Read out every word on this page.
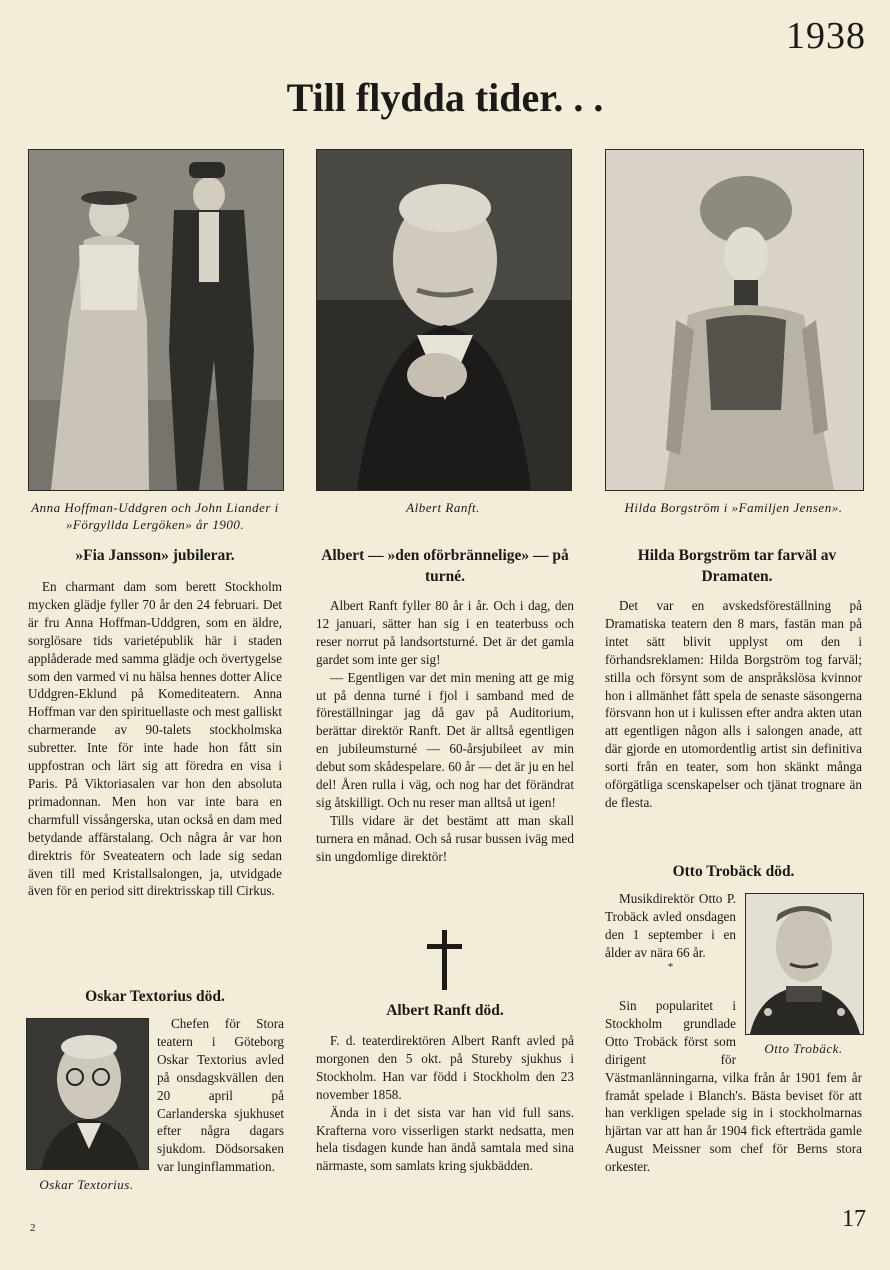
1938
Till flydda tider. . .
Anna Hoffman-Uddgren och John Liander i »Förgyllda Lergöken» år 1900.
Albert Ranft.	Hilda Borgström i »Familjen Jensen».
»Fia Jansson» jubilerar.

En charmant dam som berett Stockholm mycken glädje fyller 70 år den 24 februari. Det är fru Anna Hoffman-Uddgren, som en äldre, sorglösare tids varietépublik här i staden applåderade med samma glädje och övertygelse som den varmed vi nu hälsa hennes dotter Alice Uddgren-Eklund på Komediteatern. Anna Hoffman var den spirituellaste och mest galliskt charmerande av 90-talets stockholmska subretter. Inte för inte hade hon fått sin uppfostran och lärt sig att föredra en visa i Paris. På Viktoriasalen var hon den absoluta primadonnan. Men hon var inte bara en charmfull vissångerska, utan också en dam med betydande affärstalang. Och några år var hon direktris för Sveateatern och lade sig sedan även till med Kristallsalongen, ja, utvidgade även för en period sitt direktrisskap till Cirkus.

Oskar Textorius död.
Oskar Textorius.

Chefen för Stora teatern i Göteborg Oskar Textorius avled på onsdagskvällen den 20 april på Carlanderska sjukhuset efter några dagars sjukdom. Dödsorsaken var lunginflammation.

Albert — »den oförbrännelige» — på turné.

Albert Ranft fyller 80 år i år. Och i dag, den 12 januari, sätter han sig i en teaterbuss och reser norrut på landsortsturné. Det är det gamla gardet som inte ger sig!

— Egentligen var det min mening att ge mig ut på denna turné i fjol i samband med de föreställningar jag då gav på Auditorium, berättar direktör Ranft. Det är alltså egentligen en jubileumsturné — 60-årsjubileet av min debut som skådespelare. 60 år — det är ju en hel del! Åren rulla i väg, och nog har det förändrat sig åtskilligt. Och nu reser man alltså ut igen!

Tills vidare är det bestämt att man skall turnera en månad. Och så rusar bussen iväg med sin ungdomlige direktör!

Albert Ranft död.

F. d. teaterdirektören Albert Ranft avled på morgonen den 5 okt. på Stureby sjukhus i Stockholm. Han var född i Stockholm den 23 november 1858.

Ända in i det sista var han vid full sans. Krafterna voro visserligen starkt nedsatta, men hela tisdagen kunde han ändå samtala med sina närmaste, som samlats kring sjukbädden.

Hilda Borgström tar farväl av Dramaten.

Det var en avskedsföreställning på Dramatiska teatern den 8 mars, fastän man på intet sätt blivit upplyst om den i förhandsreklamen: Hilda Borgström tog farväl; stilla och försynt som de anspråkslösa kvinnor hon i allmänhet fått spela de senaste säsongerna försvann hon ut i kulissen efter andra akten utan att egentligen någon alls i salongen anade, att där gjorde en utomordentlig artist sin definitiva sorti från en teater, som hon skänkt många oförgätliga scenskapelser och tjänat trognare än de flesta.

Otto Trobäck död.
Otto Trobäck.

Musikdirektör Otto P. Trobäck avled onsdagen den 1 september i en ålder av nära 66 år.

*

Sin popularitet i Stockholm grundlade Otto Trobäck först som dirigent för Västmanlänningarna, vilka från år 1901 fem år framåt spelade i Blanch's. Bästa beviset för att han verkligen spelade sig in i stockholmarnas hjärtan var att han år 1904 fick efterträda gamle August Meissner som chef för Berns stora orkester.

2	17
